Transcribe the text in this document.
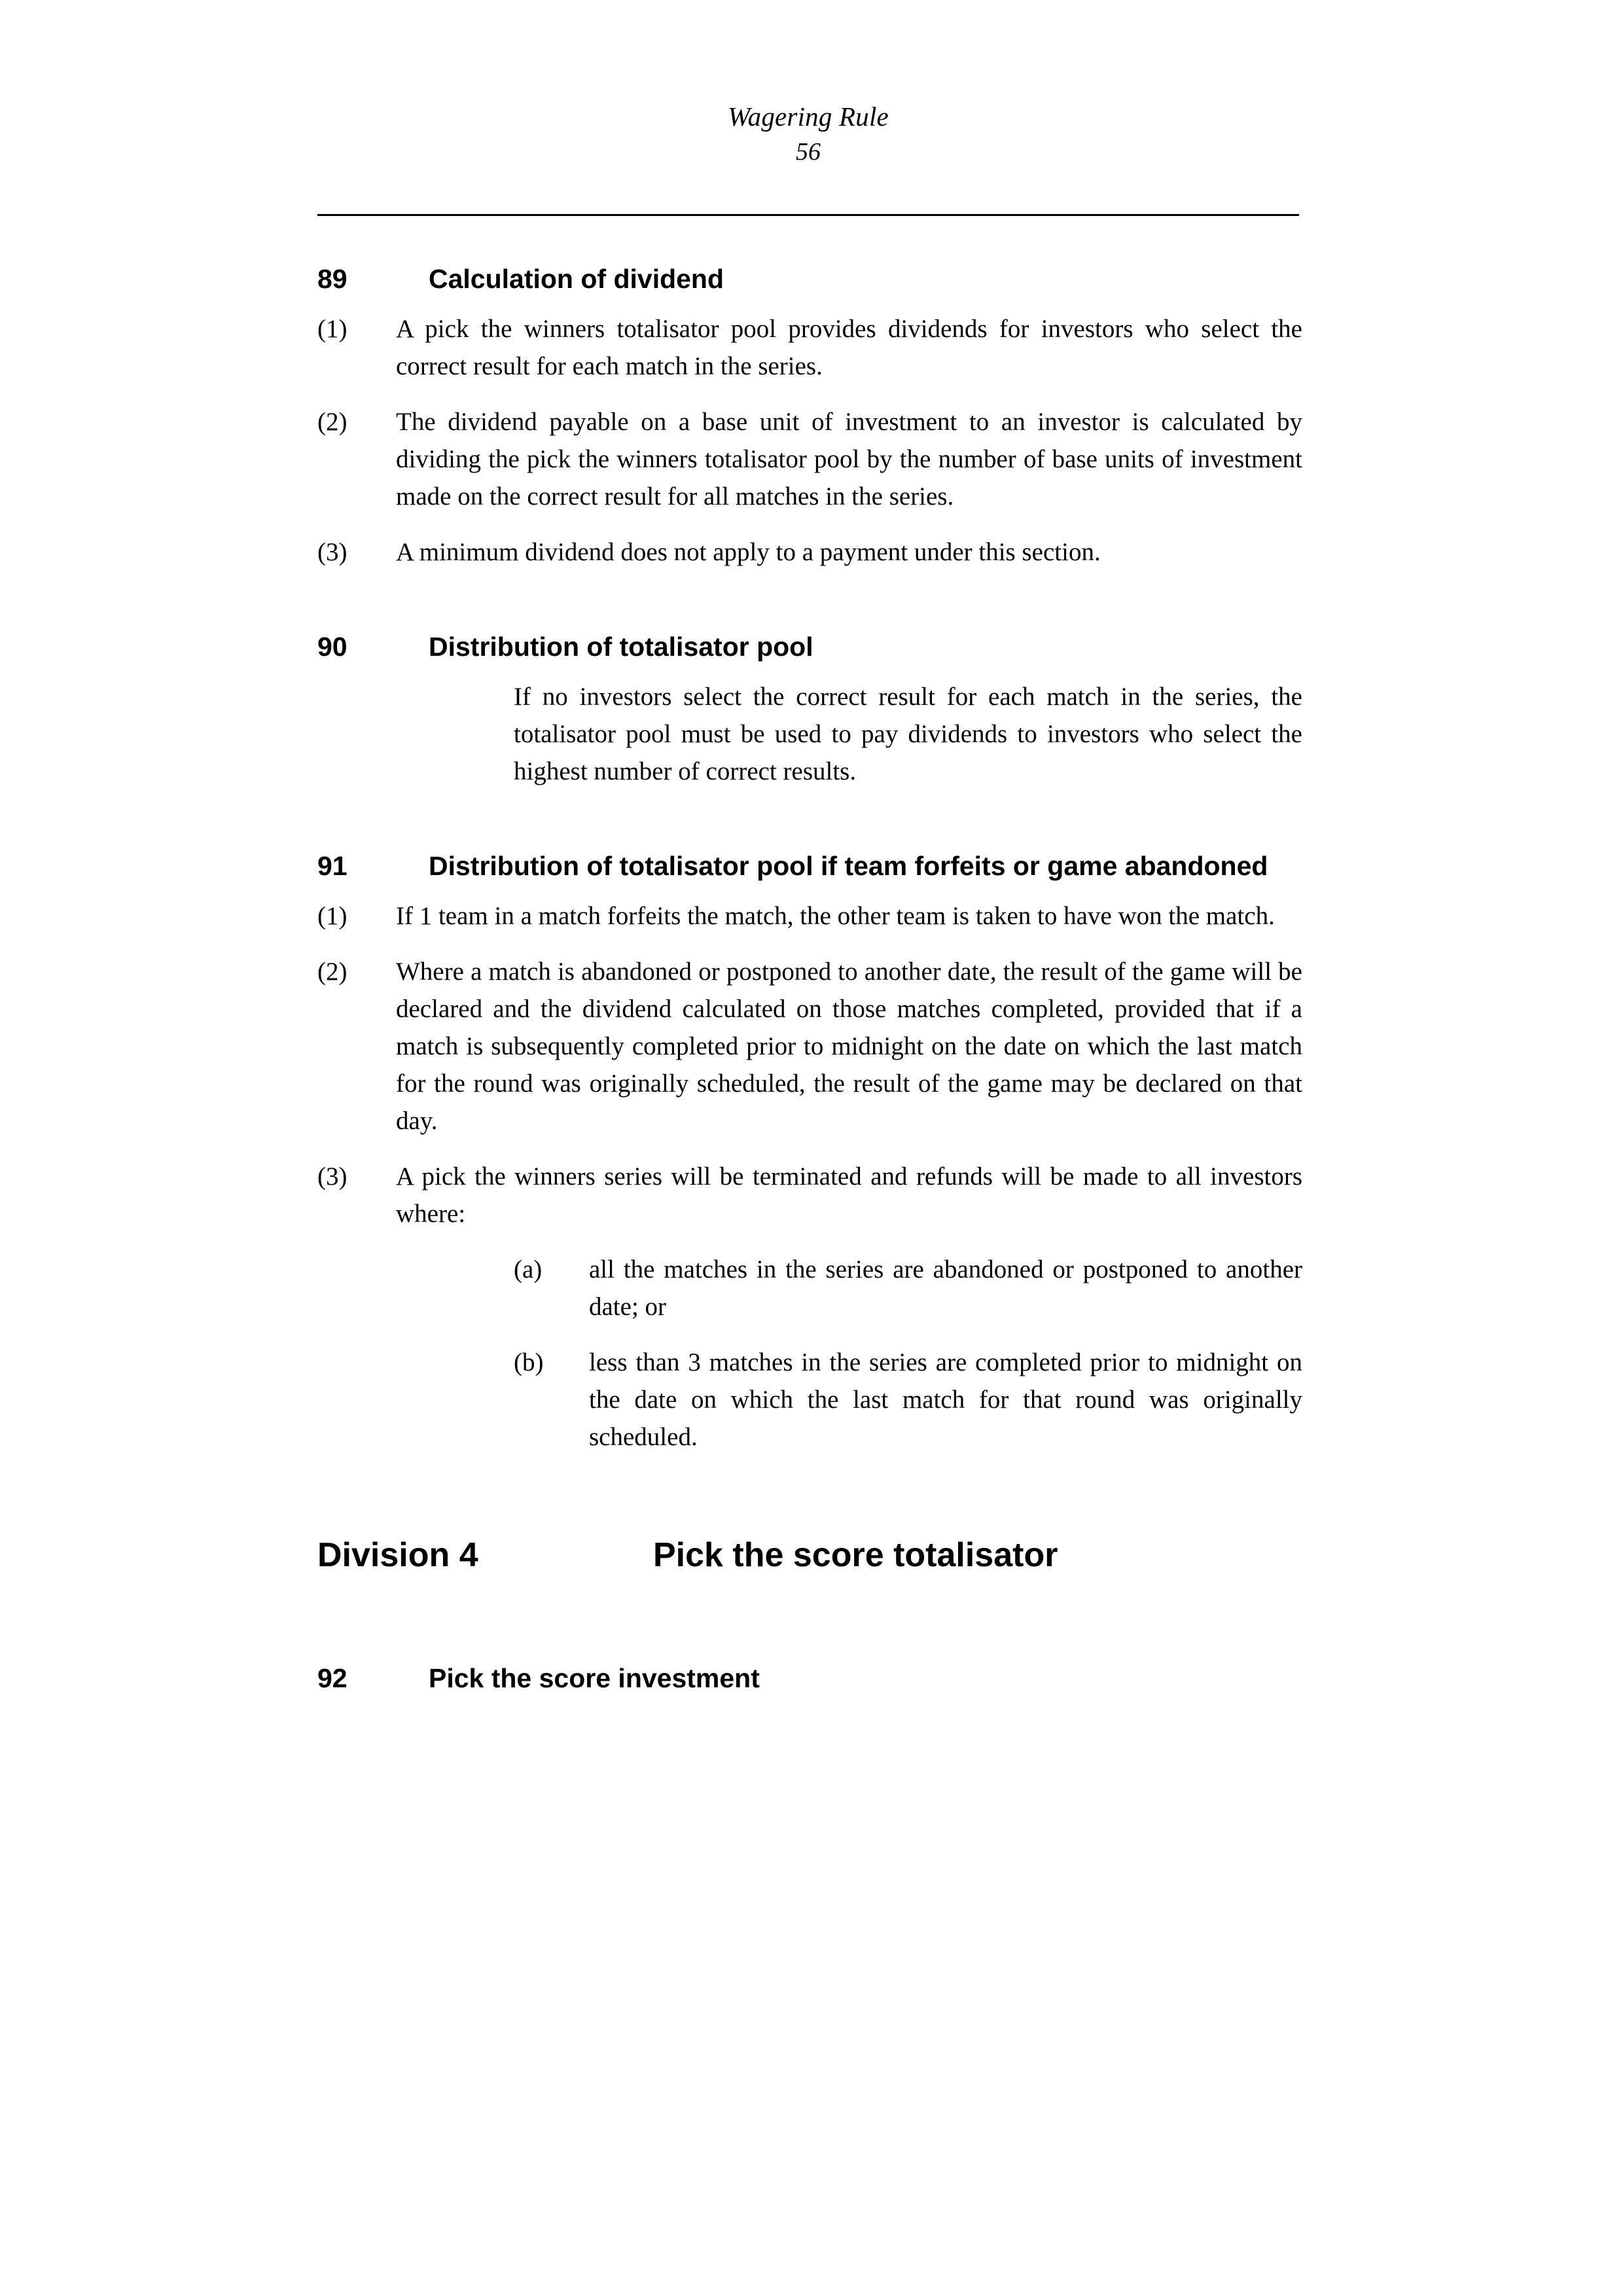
Wagering Rule
56
89	Calculation of dividend
(1)	A pick the winners totalisator pool provides dividends for investors who select the correct result for each match in the series.
(2)	The dividend payable on a base unit of investment to an investor is calculated by dividing the pick the winners totalisator pool by the number of base units of investment made on the correct result for all matches in the series.
(3)	A minimum dividend does not apply to a payment under this section.
90	Distribution of totalisator pool
If no investors select the correct result for each match in the series, the totalisator pool must be used to pay dividends to investors who select the highest number of correct results.
91	Distribution of totalisator pool if team forfeits or game abandoned
(1)	If 1 team in a match forfeits the match, the other team is taken to have won the match.
(2)	Where a match is abandoned or postponed to another date, the result of the game will be declared and the dividend calculated on those matches completed, provided that if a match is subsequently completed prior to midnight on the date on which the last match for the round was originally scheduled, the result of the game may be declared on that day.
(3)	A pick the winners series will be terminated and refunds will be made to all investors where:
(a)	all the matches in the series are abandoned or postponed to another date; or
(b)	less than 3 matches in the series are completed prior to midnight on the date on which the last match for that round was originally scheduled.
Division 4	Pick the score totalisator
92	Pick the score investment
